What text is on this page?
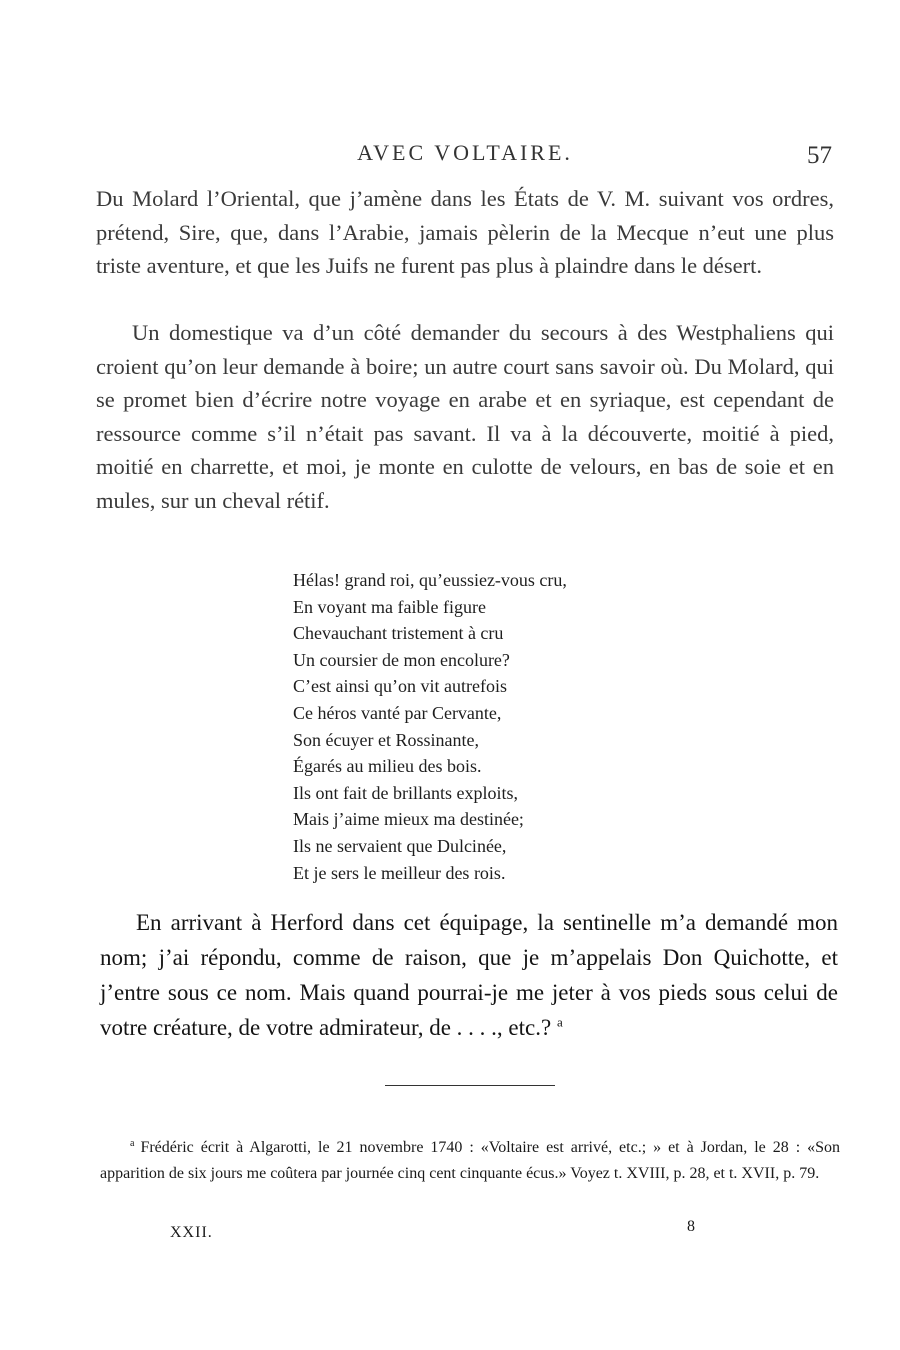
AVEC VOLTAIRE.	57

Du Molard l’Oriental, que j’amène dans les États de V. M. suivant vos ordres, prétend, Sire, que, dans l’Arabie, jamais pèlerin de la Mecque n’eut une plus triste aventure, et que les Juifs ne furent pas plus à plaindre dans le désert.

Un domestique va d’un côté demander du secours à des Westphaliens qui croient qu’on leur demande à boire; un autre court sans savoir où. Du Molard, qui se promet bien d’écrire notre voyage en arabe et en syriaque, est cependant de ressource comme s’il n’était pas savant. Il va à la découverte, moitié à pied, moitié en charrette, et moi, je monte en culotte de velours, en bas de soie et en mules, sur un cheval rétif.

Hélas! grand roi, qu’eussiez-vous cru,
En voyant ma faible figure
Chevauchant tristement à cru
Un coursier de mon encolure?
C’est ainsi qu’on vit autrefois
Ce héros vanté par Cervante,
Son écuyer et Rossinante,
Égarés au milieu des bois.
Ils ont fait de brillants exploits,
Mais j’aime mieux ma destinée;
Ils ne servaient que Dulcinée,
Et je sers le meilleur des rois.

En arrivant à Herford dans cet équipage, la sentinelle m’a demandé mon nom; j’ai répondu, comme de raison, que je m’appelais Don Quichotte, et j’entre sous ce nom. Mais quand pourrai-je me jeter à vos pieds sous celui de votre créature, de votre admirateur, de . . . ., etc.? $^a$

$^a$ Frédéric écrit à Algarotti, le 21 novembre 1740 : «Voltaire est arrivé, etc.; » et à Jordan, le 28 : «Son apparition de six jours me coûtera par journée cinq cent cinquante écus.» Voyez t. XVIII, p. 28, et t. XVII, p. 79.

XXII.	8
